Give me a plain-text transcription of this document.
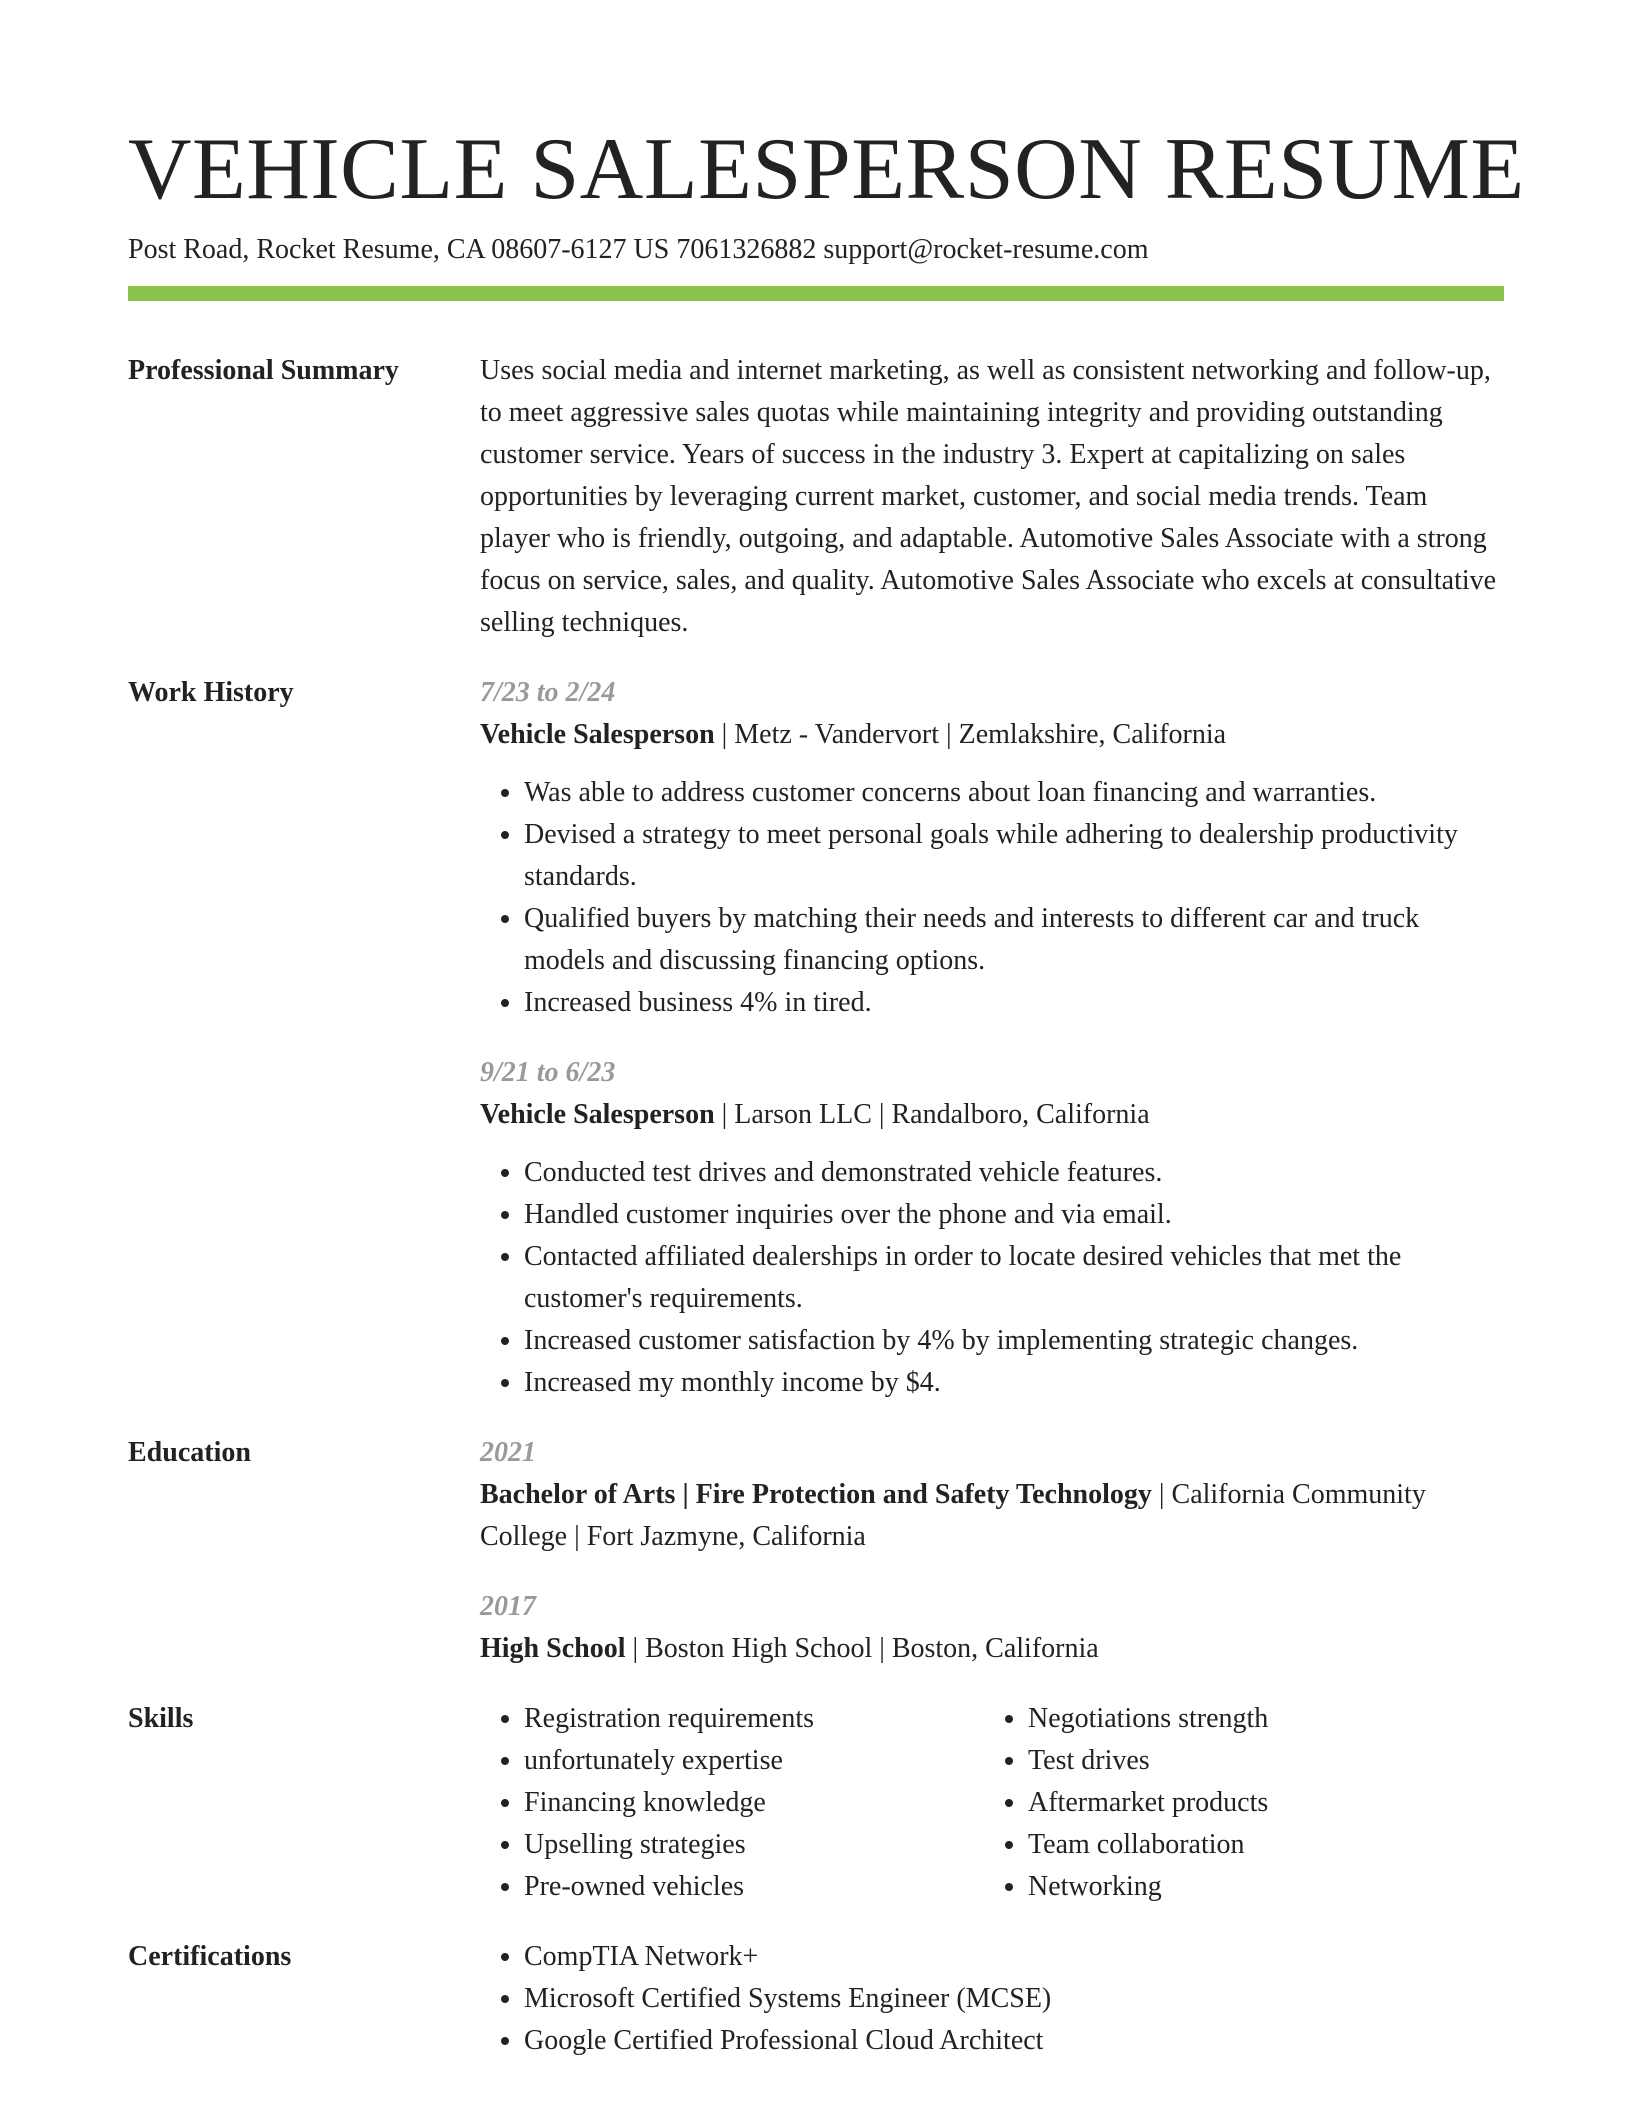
VEHICLE SALESPERSON RESUME
Post Road, Rocket Resume, CA 08607-6127 US 7061326882 support@rocket-resume.com
Professional Summary	Uses social media and internet marketing, as well as consistent networking and follow-up, to meet aggressive sales quotas while maintaining integrity and providing outstanding customer service. Years of success in the industry 3. Expert at capitalizing on sales opportunities by leveraging current market, customer, and social media trends. Team player who is friendly, outgoing, and adaptable. Automotive Sales Associate with a strong focus on service, sales, and quality. Automotive Sales Associate who excels at consultative selling techniques.

Work History	7/23 to 2/24
Vehicle Salesperson | Metz - Vandervort | Zemlakshire, California
• Was able to address customer concerns about loan financing and warranties.
• Devised a strategy to meet personal goals while adhering to dealership productivity standards.
• Qualified buyers by matching their needs and interests to different car and truck models and discussing financing options.
• Increased business 4% in tired.
9/21 to 6/23
Vehicle Salesperson | Larson LLC | Randalboro, California
• Conducted test drives and demonstrated vehicle features.
• Handled customer inquiries over the phone and via email.
• Contacted affiliated dealerships in order to locate desired vehicles that met the customer's requirements.
• Increased customer satisfaction by 4% by implementing strategic changes.
• Increased my monthly income by $4.
Education	2021
Bachelor of Arts | Fire Protection and Safety Technology | California Community College | Fort Jazmyne, California
2017
High School | Boston High School | Boston, California
Skills	• Registration requirements
• unfortunately expertise
• Financing knowledge
• Upselling strategies
• Pre-owned vehicles
• Negotiations strength
• Test drives
• Aftermarket products
• Team collaboration
• Networking
Certifications	• CompTIA Network+
• Microsoft Certified Systems Engineer (MCSE)
• Google Certified Professional Cloud Architect
